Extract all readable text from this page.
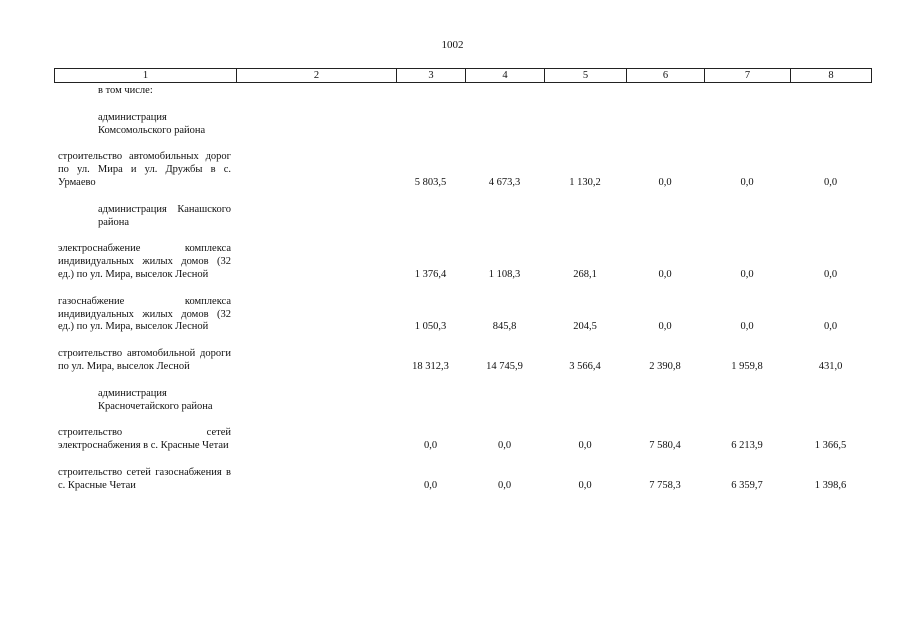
1002
1	2	3	4	5	6	7	8
в том числе:							

администрация Комсомольского района							

строительство автомобильных дорог по ул. Мира и ул. Дружбы в с. Урмаево		5 803,5	4 673,3	1 130,2	0,0	0,0	0,0

администрация Канашского района							

электроснабжение комплекса индивидуальных жилых домов (32 ед.) по ул. Мира, выселок Лесной		1 376,4	1 108,3	268,1	0,0	0,0	0,0

газоснабжение комплекса индивидуальных жилых домов (32 ед.) по ул. Мира, выселок Лесной		1 050,3	845,8	204,5	0,0	0,0	0,0

строительство автомобильной дороги по ул. Мира, выселок Лесной		18 312,3	14 745,9	3 566,4	2 390,8	1 959,8	431,0

администрация Красночетайского района							

строительство сетей электроснабжения в с. Красные Четаи		0,0	0,0	0,0	7 580,4	6 213,9	1 366,5

строительство сетей газоснабжения в с. Красные Четаи		0,0	0,0	0,0	7 758,3	6 359,7	1 398,6
